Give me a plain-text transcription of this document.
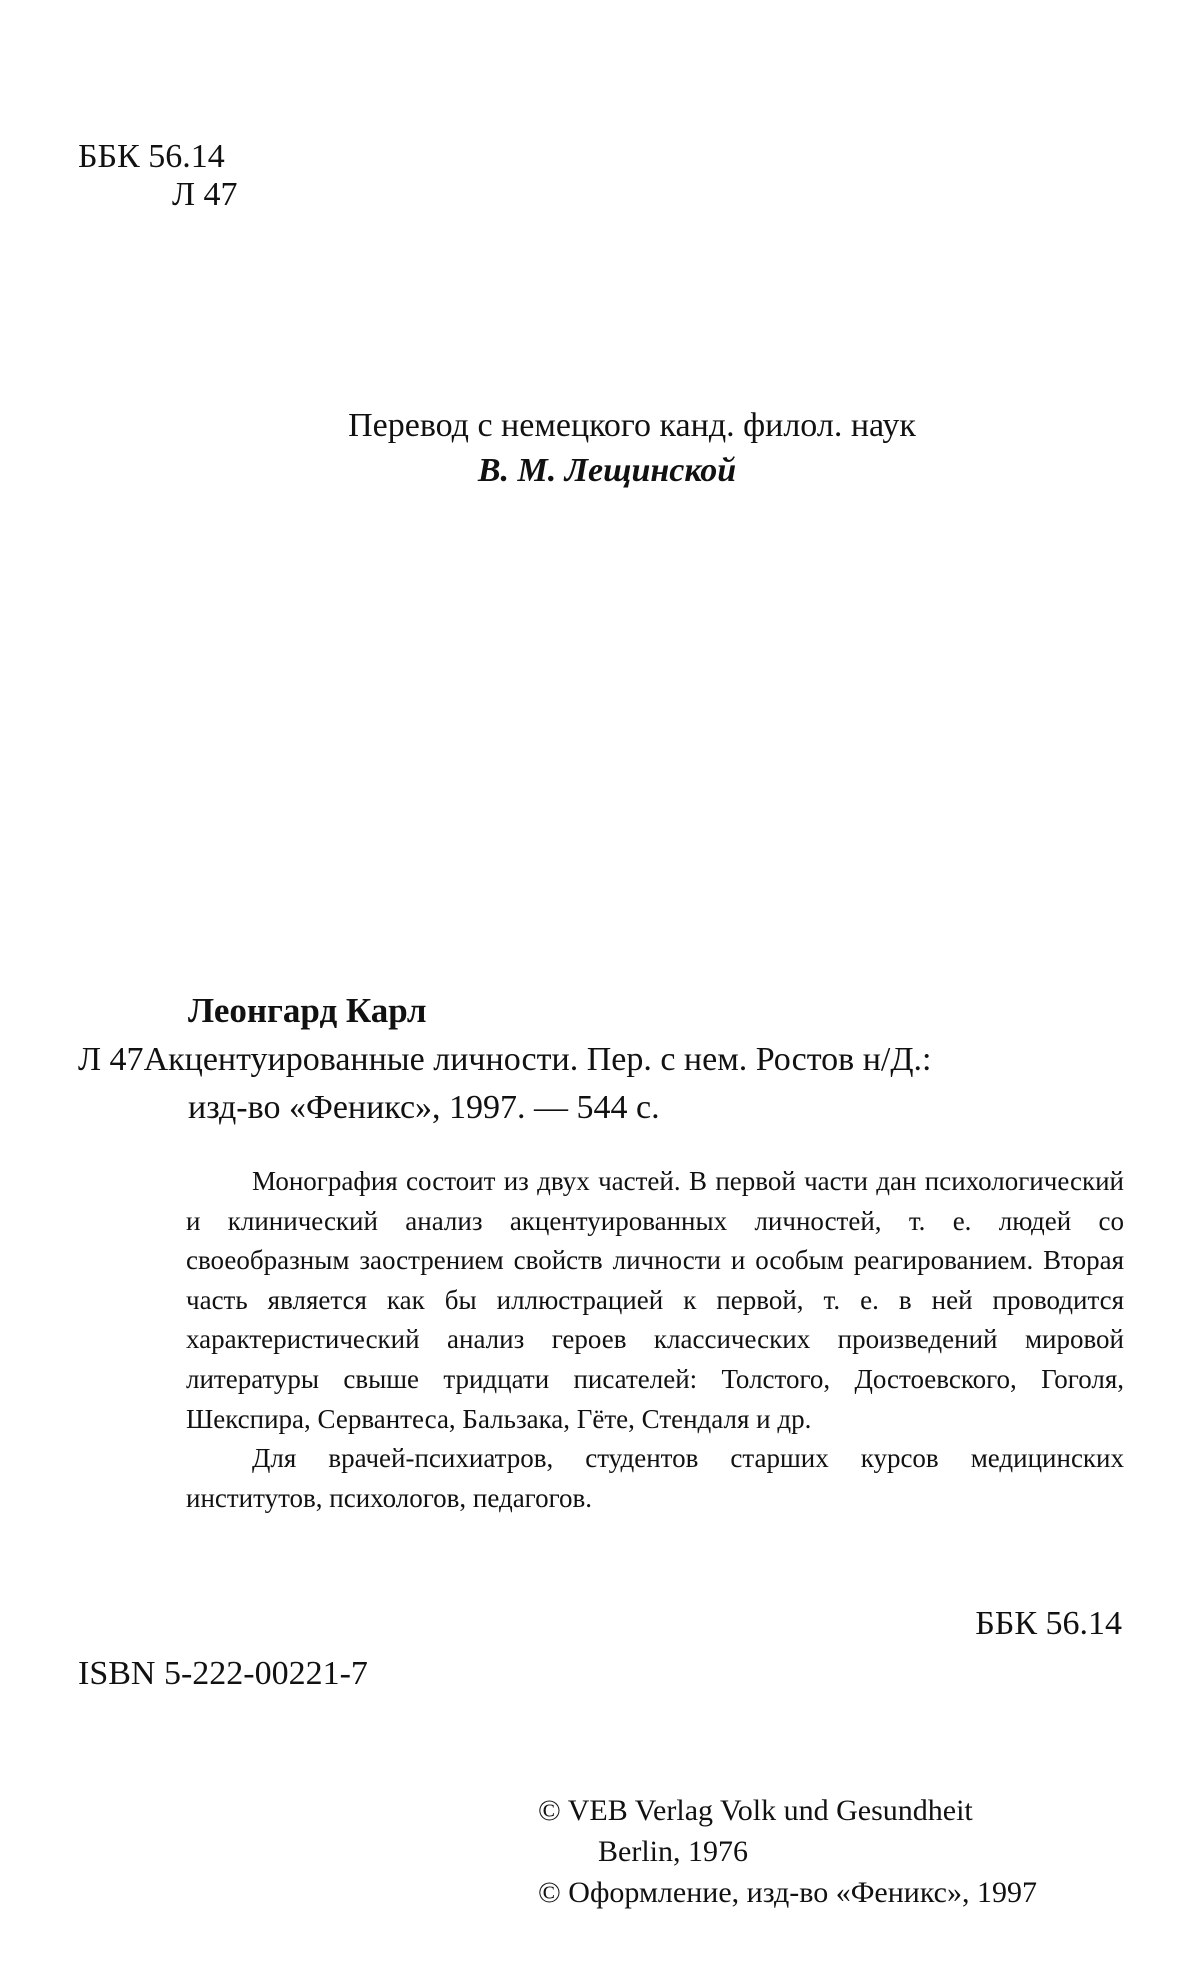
ББК 56.14
Л 47
Перевод с немецкого канд. филол. наук
В. М. Лещинской
Леонгард Карл
Л 47Акцентуированные личности. Пер. с нем. Ростов н/Д.:
изд-во «Феникс», 1997. — 544 с.

Монография состоит из двух частей. В первой части дан психологический и клинический анализ акцентуированных личностей, т. е. людей со своеобразным заострением свойств личности и особым реагированием. Вторая часть является как бы иллюстрацией к первой, т. е. в ней проводится характеристический анализ героев классических произведений мировой литературы свыше тридцати писателей: Толстого, Достоевского, Гоголя, Шекспира, Сервантеса, Бальзака, Гёте, Стендаля и др.

Для врачей-психиатров, студентов старших курсов медицинских институтов, психологов, педагогов.

ББК 56.14
ISBN 5-222-00221-7
© VEB Verlag Volk und Gesundheit
Berlin, 1976
© Оформление, изд-во «Феникс», 1997
